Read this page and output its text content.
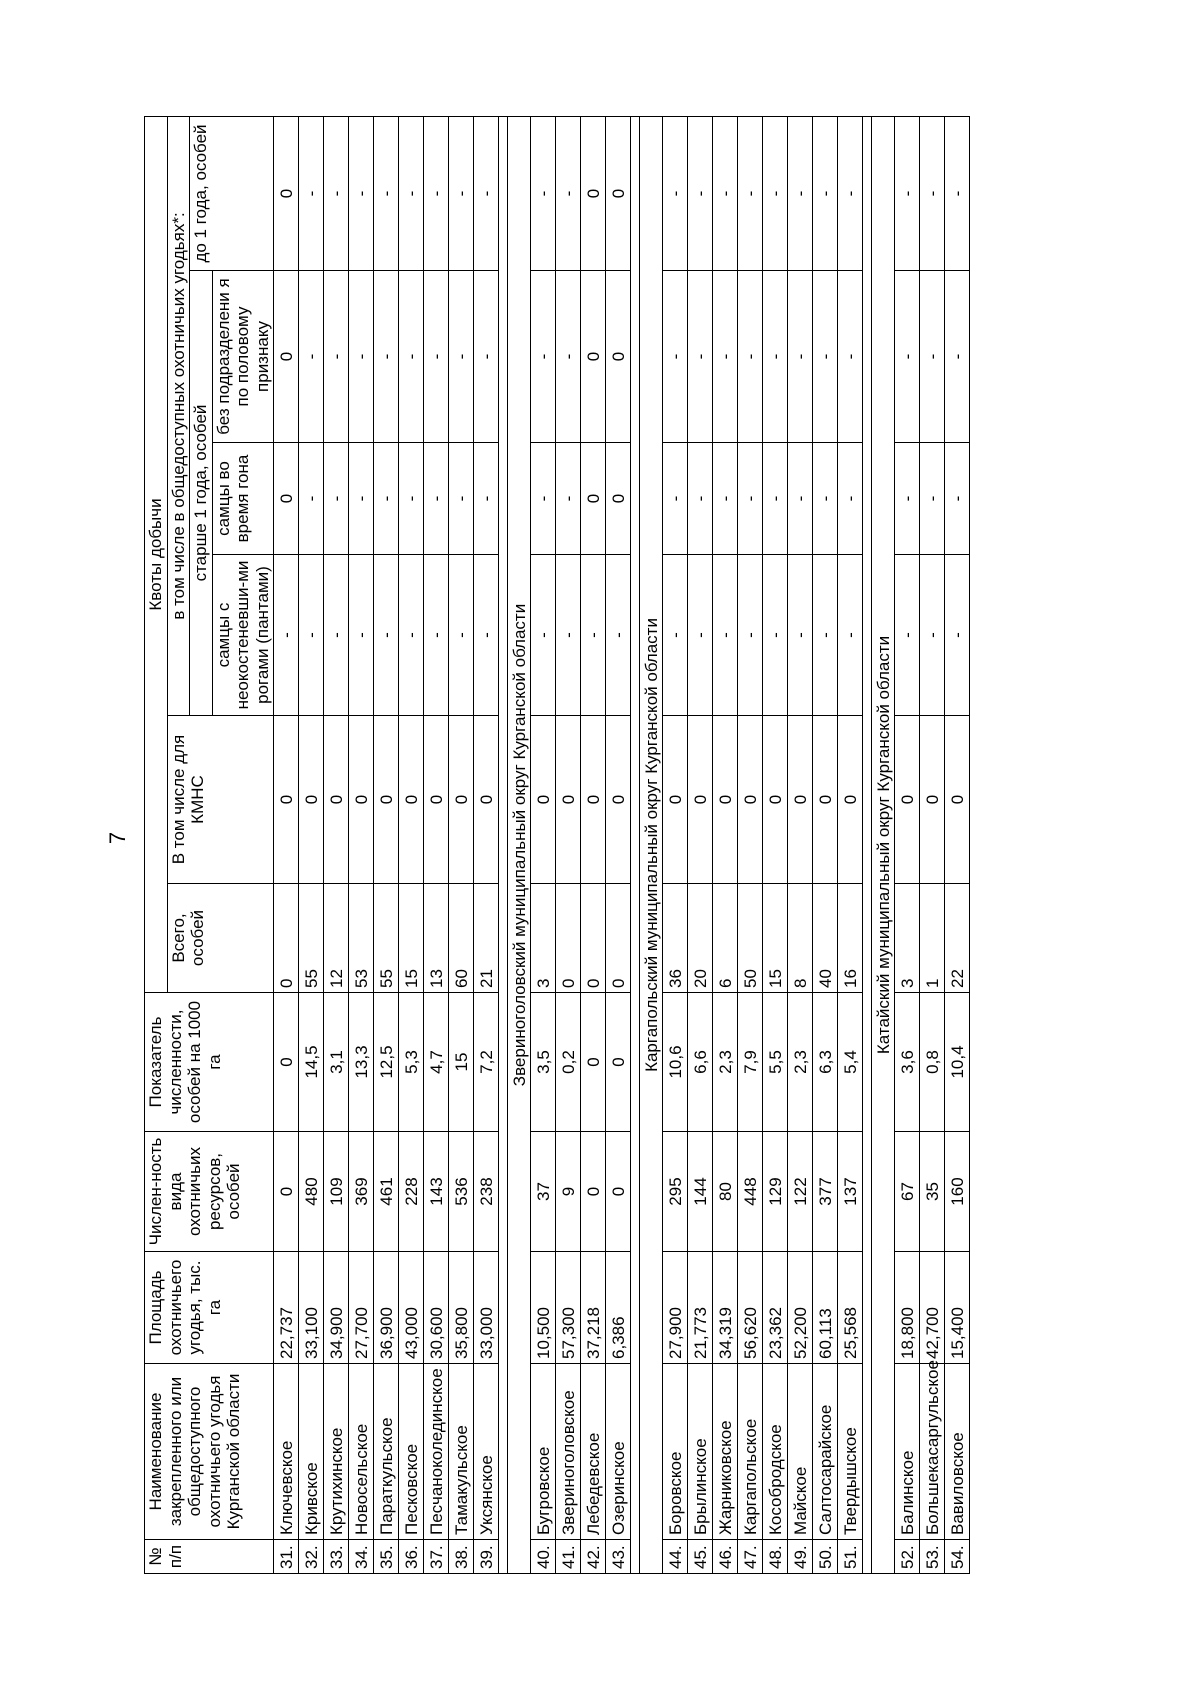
7
№ п/п	Наименование закрепленного или общедоступного охотничьего угодья Курганской области	Площадь охотничьего угодья, тыс. га	Числен-ность вида охотничьих ресурсов, особей	Показатель численности, особей на 1000 га	Квоты добычи					
					Всего, особей	В том числе для КМНС	в том числе в общедоступных охотничьих угодьях*:			
							старше 1 года, особей			до 1 года, особей
							самцы с неокостеневши-ми рогами (пантами)	самцы во время гона	без подразделени я по половому признаку	
31.	Ключевское	22,737	0	0	0	0	-	0	0	0
32.	Кривское	33,100	480	14,5	55	0	-	-	-	-
33.	Крутихинское	34,900	109	3,1	12	0	-	-	-	-
34.	Новосельское	27,700	369	13,3	53	0	-	-	-	-
35.	Параткульское	36,900	461	12,5	55	0	-	-	-	-
36.	Песковское	43,000	228	5,3	15	0	-	-	-	-
37.	Песчаноколединское	30,600	143	4,7	13	0	-	-	-	-
38.	Тамакульское	35,800	536	15	60	0	-	-	-	-
39.	Уксянское	33,000	238	7,2	21	0	-	-	-	-

Звериноголовский муниципальный округ Курганской области										
40.	Бугровское	10,500	37	3,5	3	0	-	-	-	-
41.	Звериноголовское	57,300	9	0,2	0	0	-	-	-	-
42.	Лебедевское	37,218	0	0	0	0	-	0	0	0
43.	Озеринское	6,386	0	0	0	0	-	0	0	0

Каргапольский муниципальный округ Курганской области										
44.	Боровское	27,900	295	10,6	36	0	-	-	-	-
45.	Брылинское	21,773	144	6,6	20	0	-	-	-	-
46.	Жарниковское	34,319	80	2,3	6	0	-	-	-	-
47.	Каргапольское	56,620	448	7,9	50	0	-	-	-	-
48.	Кособродское	23,362	129	5,5	15	0	-	-	-	-
49.	Майское	52,200	122	2,3	8	0	-	-	-	-
50.	Салтосарайское	60,113	377	6,3	40	0	-	-	-	-
51.	Твердышское	25,568	137	5,4	16	0	-	-	-	-

Катайский муниципальный округ Курганской области										
52.	Балинское	18,800	67	3,6	3	0	-	-	-	-
53.	Большекасаргульское	42,700	35	0,8	1	0	-	-	-	-
54.	Вавиловское	15,400	160	10,4	22	0	-	-	-	-
